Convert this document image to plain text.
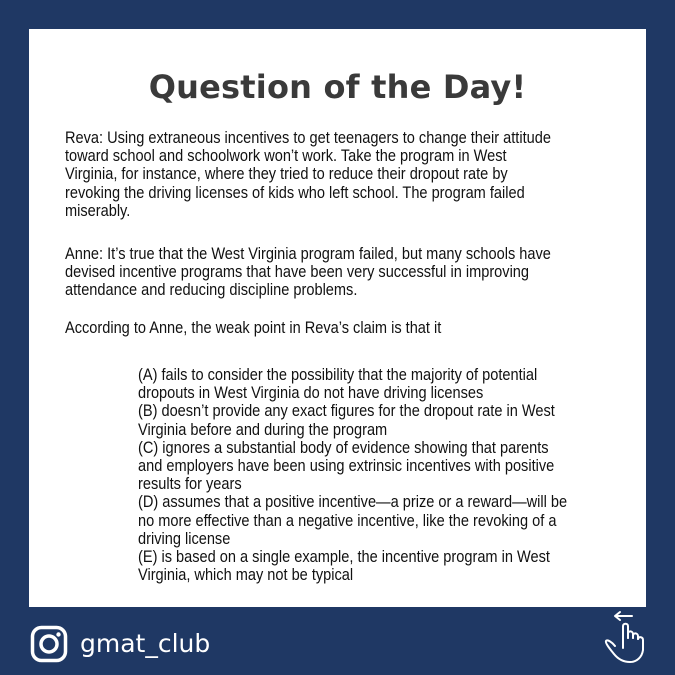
Question of the Day!
Reva: Using extraneous incentives to get teenagers to change their attitude
toward school and schoolwork won’t work. Take the program in West
Virginia, for instance, where they tried to reduce their dropout rate by
revoking the driving licenses of kids who left school. The program failed
miserably.
Anne: It’s true that the West Virginia program failed, but many schools have
devised incentive programs that have been very successful in improving
attendance and reducing discipline problems.
According to Anne, the weak point in Reva’s claim is that it
(A) fails to consider the possibility that the majority of potential
dropouts in West Virginia do not have driving licenses
(B) doesn’t provide any exact figures for the dropout rate in West
Virginia before and during the program
(C) ignores a substantial body of evidence showing that parents
and employers have been using extrinsic incentives with positive
results for years
(D) assumes that a positive incentive—a prize or a reward—will be
no more effective than a negative incentive, like the revoking of a
driving license
(E) is based on a single example, the incentive program in West
Virginia, which may not be typical
gmat_club
